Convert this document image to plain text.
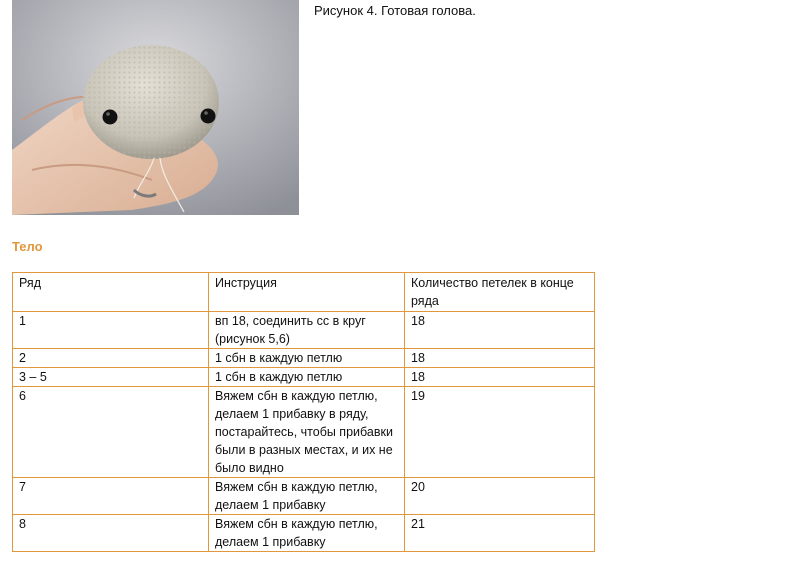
Рисунок 4. Готовая голова.
Тело
Ряд	Инструция	Количество петелек в конце ряда
1	вп 18, соединить сс в круг (рисунок 5,6)	18
2	1 сбн в каждую петлю	18
3 – 5	1 сбн в каждую петлю	18
6	Вяжем сбн в каждую петлю, делаем 1 прибавку в ряду, постарайтесь, чтобы прибавки были в разных местах, и их не было видно	19
7	Вяжем сбн в каждую петлю, делаем 1 прибавку	20
8	Вяжем сбн в каждую петлю, делаем 1 прибавку	21
